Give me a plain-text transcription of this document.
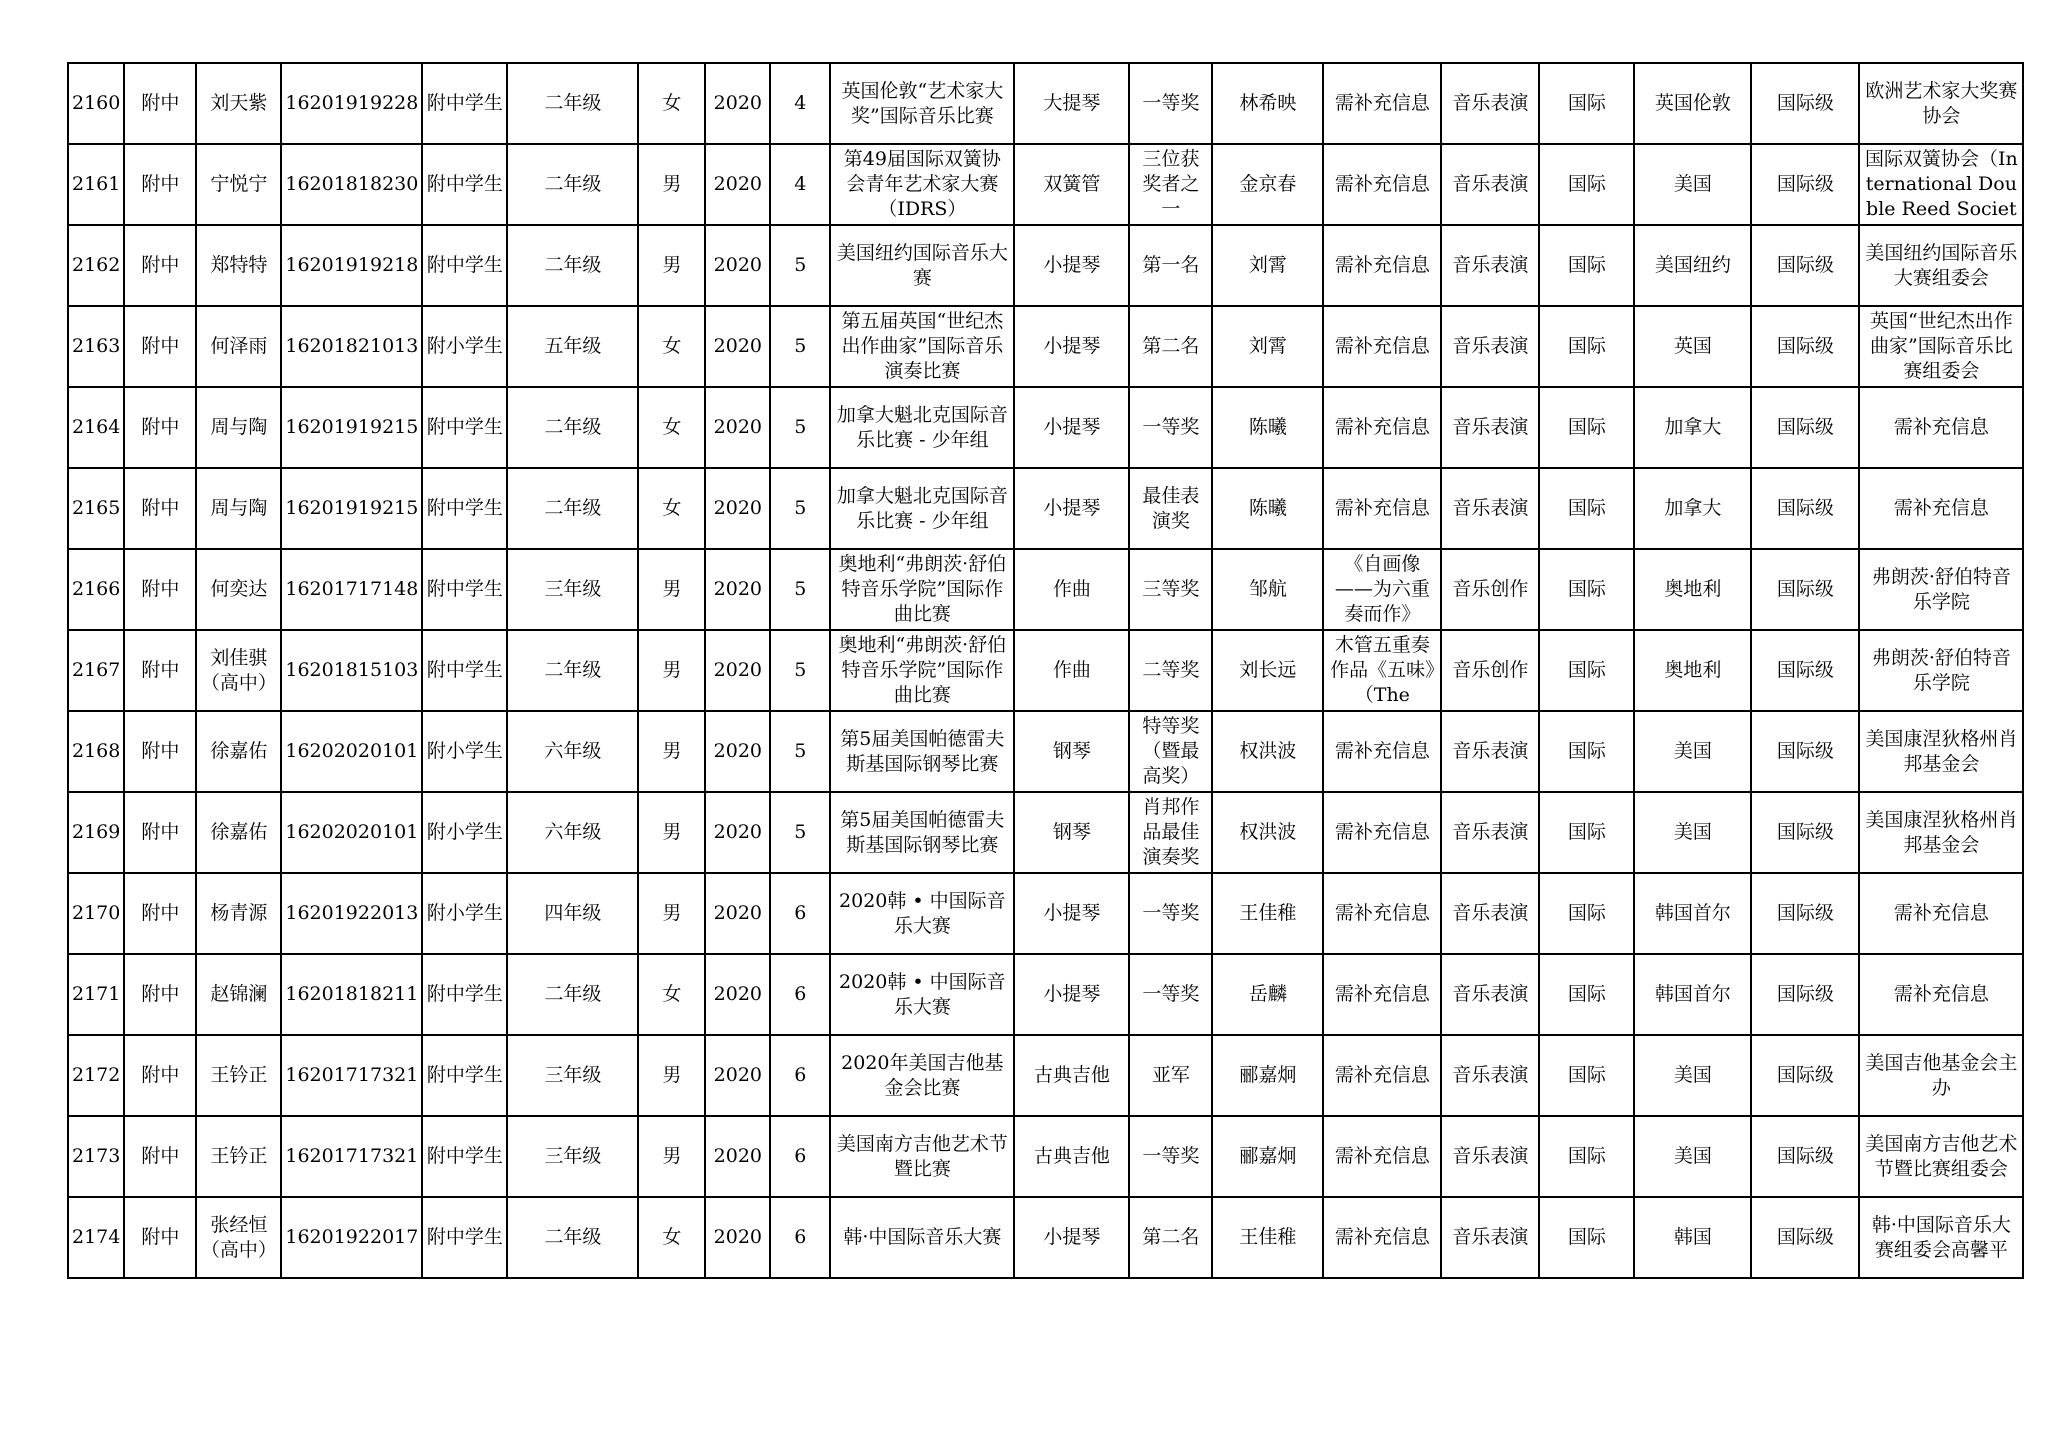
2160	附中	刘天紫	16201919228	附中学生	二年级	女	2020	4	英国伦敦“艺术家大奖”国际音乐比赛	大提琴	一等奖	林希映	需补充信息	音乐表演	国际	英国伦敦	国际级	欧洲艺术家大奖赛协会

2161	附中	宁悦宁	16201818230	附中学生	二年级	男	2020	4	第49届国际双簧协会青年艺术家大赛（IDRS）	双簧管	三位获奖者之一	金京春	需补充信息	音乐表演	国际	美国	国际级	国际双簧协会（International Double Reed Societ

2162	附中	郑特特	16201919218	附中学生	二年级	男	2020	5	美国纽约国际音乐大赛	小提琴	第一名	刘霄	需补充信息	音乐表演	国际	美国纽约	国际级	美国纽约国际音乐大赛组委会

2163	附中	何泽雨	16201821013	附小学生	五年级	女	2020	5	第五届英国“世纪杰出作曲家”国际音乐演奏比赛	小提琴	第二名	刘霄	需补充信息	音乐表演	国际	英国	国际级	英国“世纪杰出作曲家”国际音乐比赛组委会

2164	附中	周与陶	16201919215	附中学生	二年级	女	2020	5	加拿大魁北克国际音乐比赛 - 少年组	小提琴	一等奖	陈曦	需补充信息	音乐表演	国际	加拿大	国际级	需补充信息

2165	附中	周与陶	16201919215	附中学生	二年级	女	2020	5	加拿大魁北克国际音乐比赛 - 少年组	小提琴	最佳表演奖	陈曦	需补充信息	音乐表演	国际	加拿大	国际级	需补充信息

2166	附中	何奕达	16201717148	附中学生	三年级	男	2020	5	奥地利“弗朗茨·舒伯特音乐学院”国际作曲比赛	作曲	三等奖	邹航	《自画像——为六重奏而作》	音乐创作	国际	奥地利	国际级	弗朗茨·舒伯特音乐学院

2167	附中	刘佳骐（高中）	16201815103	附中学生	二年级	男	2020	5	奥地利“弗朗茨·舒伯特音乐学院”国际作曲比赛	作曲	二等奖	刘长远	木管五重奏作品《五味》（The	音乐创作	国际	奥地利	国际级	弗朗茨·舒伯特音乐学院

2168	附中	徐嘉佑	16202020101	附小学生	六年级	男	2020	5	第5届美国帕德雷夫斯基国际钢琴比赛	钢琴	特等奖（暨最高奖）	权洪波	需补充信息	音乐表演	国际	美国	国际级	美国康涅狄格州肖邦基金会

2169	附中	徐嘉佑	16202020101	附小学生	六年级	男	2020	5	第5届美国帕德雷夫斯基国际钢琴比赛	钢琴	肖邦作品最佳演奏奖	权洪波	需补充信息	音乐表演	国际	美国	国际级	美国康涅狄格州肖邦基金会

2170	附中	杨青源	16201922013	附小学生	四年级	男	2020	6	2020韩 • 中国际音乐大赛	小提琴	一等奖	王佳稚	需补充信息	音乐表演	国际	韩国首尔	国际级	需补充信息

2171	附中	赵锦澜	16201818211	附中学生	二年级	女	2020	6	2020韩 • 中国际音乐大赛	小提琴	一等奖	岳麟	需补充信息	音乐表演	国际	韩国首尔	国际级	需补充信息

2172	附中	王钤正	16201717321	附中学生	三年级	男	2020	6	2020年美国吉他基金会比赛	古典吉他	亚军	郦嘉炯	需补充信息	音乐表演	国际	美国	国际级	美国吉他基金会主办

2173	附中	王钤正	16201717321	附中学生	三年级	男	2020	6	美国南方吉他艺术节暨比赛	古典吉他	一等奖	郦嘉炯	需补充信息	音乐表演	国际	美国	国际级	美国南方吉他艺术节暨比赛组委会

2174	附中	张经恒（高中）	16201922017	附中学生	二年级	女	2020	6	韩·中国际音乐大赛	小提琴	第二名	王佳稚	需补充信息	音乐表演	国际	韩国	国际级	韩·中国际音乐大赛组委会高馨平
